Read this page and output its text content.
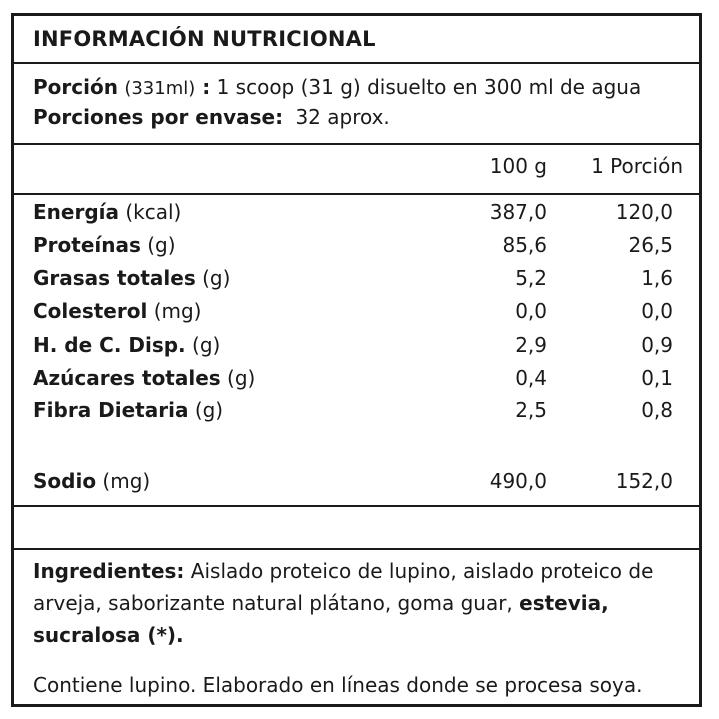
INFORMACIÓN NUTRICIONAL
Porción (331ml) : 1 scoop (31 g) disuelto en 300 ml de agua
Porciones por envase: 32 aprox.
100 g 1 Porción
Energía (kcal)	387,0	120,0
Proteínas (g)	85,6	26,5
Grasas totales (g)	5,2	1,6
Colesterol (mg)	0,0	0,0
H. de C. Disp. (g)	2,9	0,9
Azúcares totales (g)	0,4	0,1
Fibra Dietaria (g)	2,5	0,8
Sodio (mg)	490,0	152,0
Ingredientes: Aislado proteico de lupino, aislado proteico de arveja, saborizante natural plátano, goma guar, estevia, sucralosa (*).
Contiene lupino. Elaborado en líneas donde se procesa soya.
